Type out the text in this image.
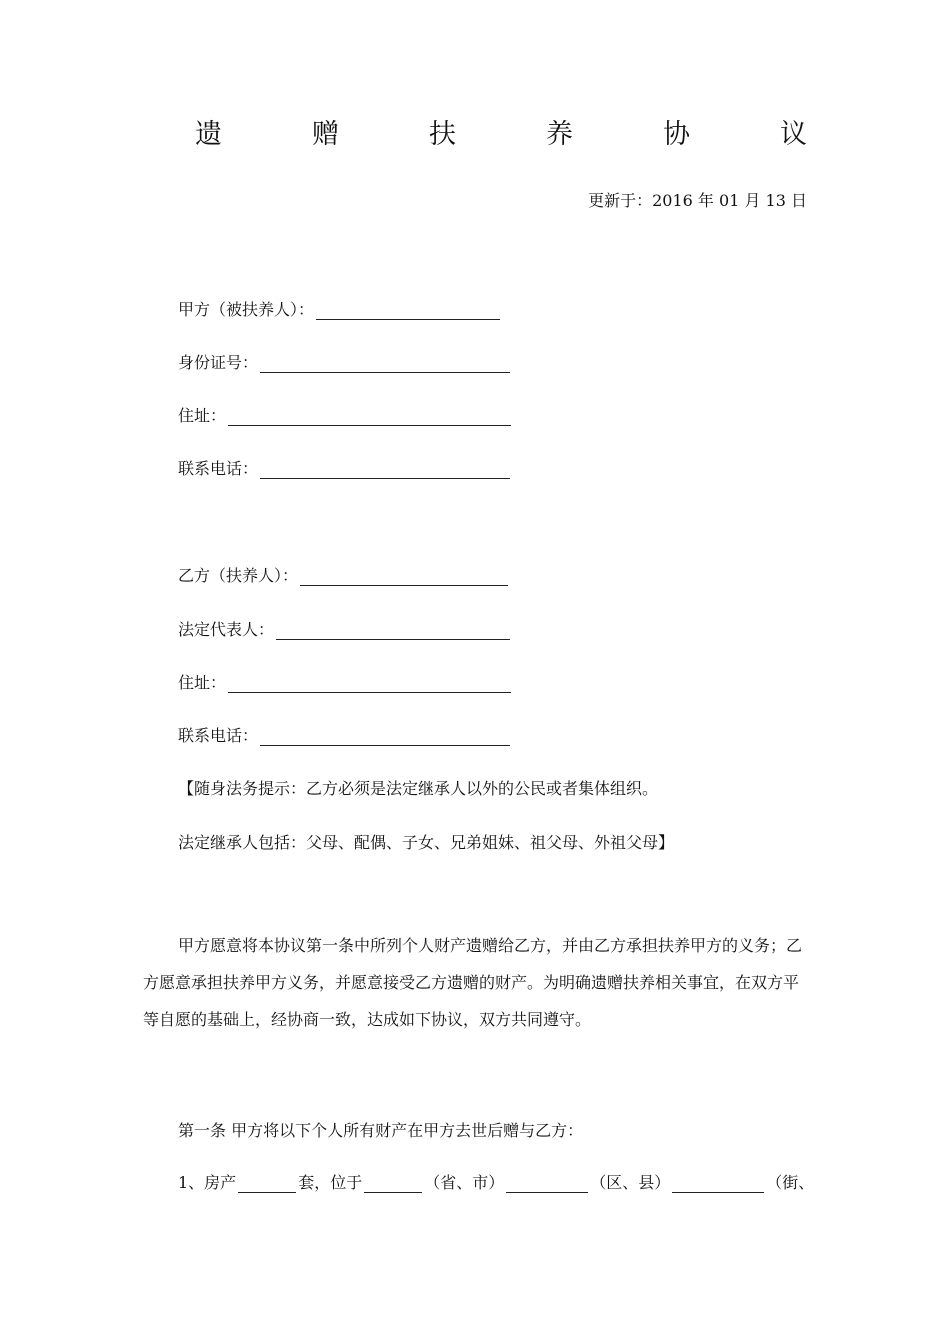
遗	赠	扶	养	协	议
更新于：2016 年 01 月 13 日
甲方（被扶养人）：
身份证号：
住址：
联系电话：
乙方（扶养人）：
法定代表人：
住址：
联系电话：
【随身法务提示：乙方必须是法定继承人以外的公民或者集体组织。
法定继承人包括：父母、配偶、子女、兄弟姐妹、祖父母、外祖父母】

甲方愿意将本协议第一条中所列个人财产遗赠给乙方，并由乙方承担扶养甲方的义务；乙方愿意承担扶养甲方义务，并愿意接受乙方遗赠的财产。为明确遗赠扶养相关事宜，在双方平等自愿的基础上，经协商一致，达成如下协议，双方共同遵守。

第一条 甲方将以下个人所有财产在甲方去世后赠与乙方：
1、房产	套，位于	（省、市）	（区、县）	（街、
